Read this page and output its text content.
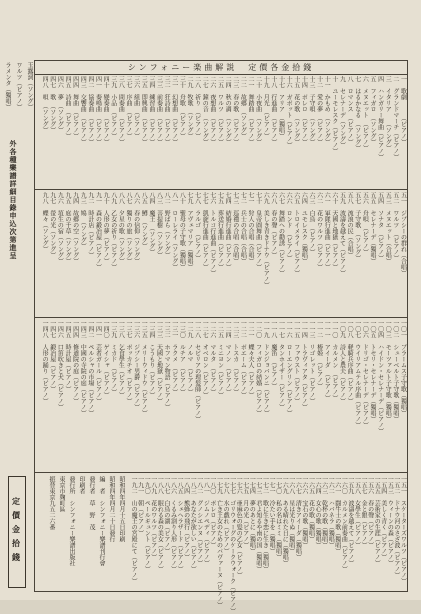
シンフォニー楽曲解説　定價各金拾錢
玉露詞（ソング）
ワルツ（ピアノ）
ラメンタ（獨唱）
外各種樂譜詳細目錄申込次第進呈
定價金拾錢
一　歌劇　　　（ピアノ）
二　グランドマーチ（ピアノ）
三　イタリア　　（ソング）
四　ハンガリー舞曲（ピアノ）
五　フィガロ　（ソング）
六　メヌエット　（ピアノ）
七　はるかなる　（ソング）
八　ロマンス　（ピアノ）
九　セレナーデ（ソング）
十　ユーモレスク（ピアノ）
十一　かもめ　（ソング）
十二　愛の夢　（ピアノ）
十三　子守唄　（ソング）
十四　ボレロ　（ピアノ）
十五　花の歌　（ソング）
十六　ガボット（ピアノ）
十七　アリア　（獨唱）
十八　行進曲　（ピアノ）
十九　月光　（ピアノ）
二十　小夜曲　（ソング）
二一　舞踏曲　（ピアノ）
二二　故郷　（ソング）
二三　春の歌　（ピアノ）
二四　秋の調　（ソング）
二五　ワルツ　（ピアノ）
二六　夜想曲　（ピアノ）
二七　鐘の音　（ソング）
二八　祈り　（ピアノ）
二九　牧歌　（ソング）
三十　舟歌　（ピアノ）
三一　幻想曲　（ピアノ）
三二　狂詩曲　（ピアノ）
三三　前奏曲　（ピアノ）
三四　練習曲　（ピアノ）
三五　即興曲　（ピアノ）
三六　組曲　（ピアノ）
三七　序曲　（ピアノ）
三八　間奏曲　（ピアノ）
三九　小品　（ピアノ）
四十　變奏曲　（ピアノ）
四一　奏鳴曲　（ピアノ）
四二　協奏曲　（ピアノ）
四三　交響曲　（ピアノ）
四四　舞曲　（ピアノ）
四五　詩曲　（ピアノ）
四六　夢　（ソング）
四七　歌　（ソング）
四八　唄　（ソング）
五一　ジプシーの群れ（合唱）
五二　ワルツ　（ピアノ）
五三　メヌエット（合唱）
五四　ソナタ　（ピアノ）
五五　セレナーデ（獨唱）
五六　舟唄　（ピアノ）
五七　子守歌　（ソング）
五八　流浪の民（合唱）
五九　波濤を越えて（ピアノ）
六十　天國と地獄（ピアノ）
六一　軍隊行進曲（ピアノ）
六二　花のワルツ（ピアノ）
六三　白鳥　（ピアノ）
六四　ユモレスク（獨唱）
六五　トロイメライ（ピアノ）
六六　ロンド　（ピアノ）
六七　舞踏への勸誘（ピアノ）
六八　春の聲（ピアノ）
六九　美しき青きドナウ（ピアノ）
七十　皇帝圓舞曲（ピアノ）
七一　狩人の合唱（合唱）
七二　兵士の合唱（合唱）
七三　巡禮の合唱（合唱）
七四　結婚行進曲（ピアノ）
七五　葬送行進曲（ピアノ）
七六　トルコ行進曲（ピアノ）
七七　凱旋行進曲（ピアノ）
七八　ラルゴ　（ピアノ）
七九　アヴェマリア（獨唱）
八十　聖母の子守歌（獨唱）
八一　ローレライ（ソング）
八二　野ばら（ソング）
八三　菩提樹（ソング）
八四　魔王　（ソング）
八五　鱒　（ソング）
八六　春の信仰（ソング）
八七　獨りの旅（ソング）
八八　夕星の歌（ソング）
八九　乙女の祈り（ピアノ）
九十　人形の夢（ピアノ）
九一　森の鍛冶屋（ピアノ）
九二　時計店（ピアノ）
九三　鳩　（ソング）
九四　故郷の空（ソング）
九五　庭の千草（ソング）
九六　埴生の宿（ソング）
九七　螢の光（ソング）
九八　蝶々（ソング）
一〇一　ブラームス子守歌（獨唱）
一〇二　シューベルト子守歌（獨唱）
一〇三　モーツァルト子守歌（獨唱）
一〇四　ハイドン・セレナーデ（ピアノ）
一〇五　トセリ・セレナーデ（獨唱）
一〇六　ドリゴ・セレナーデ（ピアノ）
一〇七　ウイリアムテル序曲（ピアノ）
一〇八　軽騎兵序曲（ピアノ）
一〇九　詩人と農夫（ピアノ）
一一〇　カルメン　（ピアノ）
一一一　アイーダ　（ピアノ）
一一二　椿姫　（ピアノ）
一一三　リゴレット（ピアノ）
一一四　トラヴィアタ（ピアノ）
一一五　ファウスト（ピアノ）
一一六　ローエングリン（ピアノ）
一一七　タンホイザー（ピアノ）
一一八　魔笛　（ピアノ）
一一九　ドンジョバンニ（ピアノ）
一二〇　フィガロの結婚（ピアノ）
一二一　蝶々夫人（ピアノ）
一二二　ボエーム（ピアノ）
一二三　トスカ　（ピアノ）
一二四　マノン　（ピアノ）
一二五　ミニヨン（ピアノ）
一二六　マルタ　（ピアノ）
一二七　オベロン（ピアノ）
一二八　セビリアの理髪師（ピアノ）
一二九　ノルマ　（ピアノ）
一三〇　ルチア　（ピアノ）
一三一　ラクメ　（ピアノ）
一三二　ホフマン物語（ピアノ）
一三三　天國と地獄（ピアノ）
一三四　こうもり（ピアノ）
一三五　メリーウィドウ（ピアノ）
一三六　ジプシー男爵（ピアノ）
一三七　ボッカチオ（ピアノ）
一三八　乞食學生（ピアノ）
一三九　ミカド　（ピアノ）
一四〇　ゲイシャ（ピアノ）
一四一　芸者ガール（ピアノ）
一四二　ペルシャの市場（ピアノ）
一四三　中國の寺院の庭（ピアノ）
一四四　修道院の庭（ピアノ）
一四五　時計屋（ピアノ）
一四六　口笛吹きと犬（ピアノ）
一四七　鍛冶屋（ピアノ）
一四八　人形の踊り（ピアノ）
一五一　スケーターズワルツ（ピアノ）
一五二　ドナウ河のさざ波（ピアノ）
一五三　ウィーンの森（ピアノ）
一五四　美しく青く（ピアノ）
一五五　芸術家の生涯（ピアノ）
一五六　春の聲（ピアノ）
一五七　金と銀（ピアノ）
一五八　女學生（ピアノ）
一五九　波濤を越えて（ピアノ）
一六〇　カルメン前奏曲（ピアノ）
一六一　闘牛士の歌（獨唱）
一六二　ハバネラ（獨唱）
一六三　乾杯の歌（獨唱）
一六四　女心の歌（獨唱）
一六五　花の歌（獨唱）
一六六　宝石の歌（獨唱）
一六七　清きアイーダ（獨唱）
一六八　星は光りぬ（獨唱）
一六九　ある晴れた日に（獨唱）
一七〇　私の名はミミ（獨唱）
一七一　冷たい手を（獨唱）
一七二　歌に生き恋に生き（獨唱）
一七三　君よ知るや南の国（獨唱）
一七四　夢のあとに（獨唱）
一七五　月の光（ピアノ）
一七六　亜麻色の髪の乙女（ピアノ）
一七七　ゴリウォーグのケークウォーク（ピアノ）
一七八　水の戯れ（ピアノ）
一七九　亡き王女のためのパヴァーヌ（ピアノ）
一八〇　ボレロ（ピアノ）
一八一　ジムノペディ（ピアノ）
一八二　グノシエンヌ（ピアノ）
一八三　あなたが欲しい（ピアノ）
一八四　熊蜂の飛行（ピアノ）
一八五　シェヘラザード（ピアノ）
一八六　くるみ割り人形（ピアノ）
一八七　白鳥の湖（ピアノ）
一八八　眠れる森の美女（ピアノ）
一八九　花のワルツ（ピアノ）
一九〇　ペールギュント（ピアノ）
一九一　朝（ピアノ）
一九二　山の魔王の宮殿にて（ピアノ）
昭和四年四月十五日印刷
昭和四年四月二十日發行
編　者　シンフォニー樂譜刊行會
發行者　草　野　茂
印刷者
發行所　シンフォニー樂譜出版社
東京市麹町區
振替東京九五二六番
